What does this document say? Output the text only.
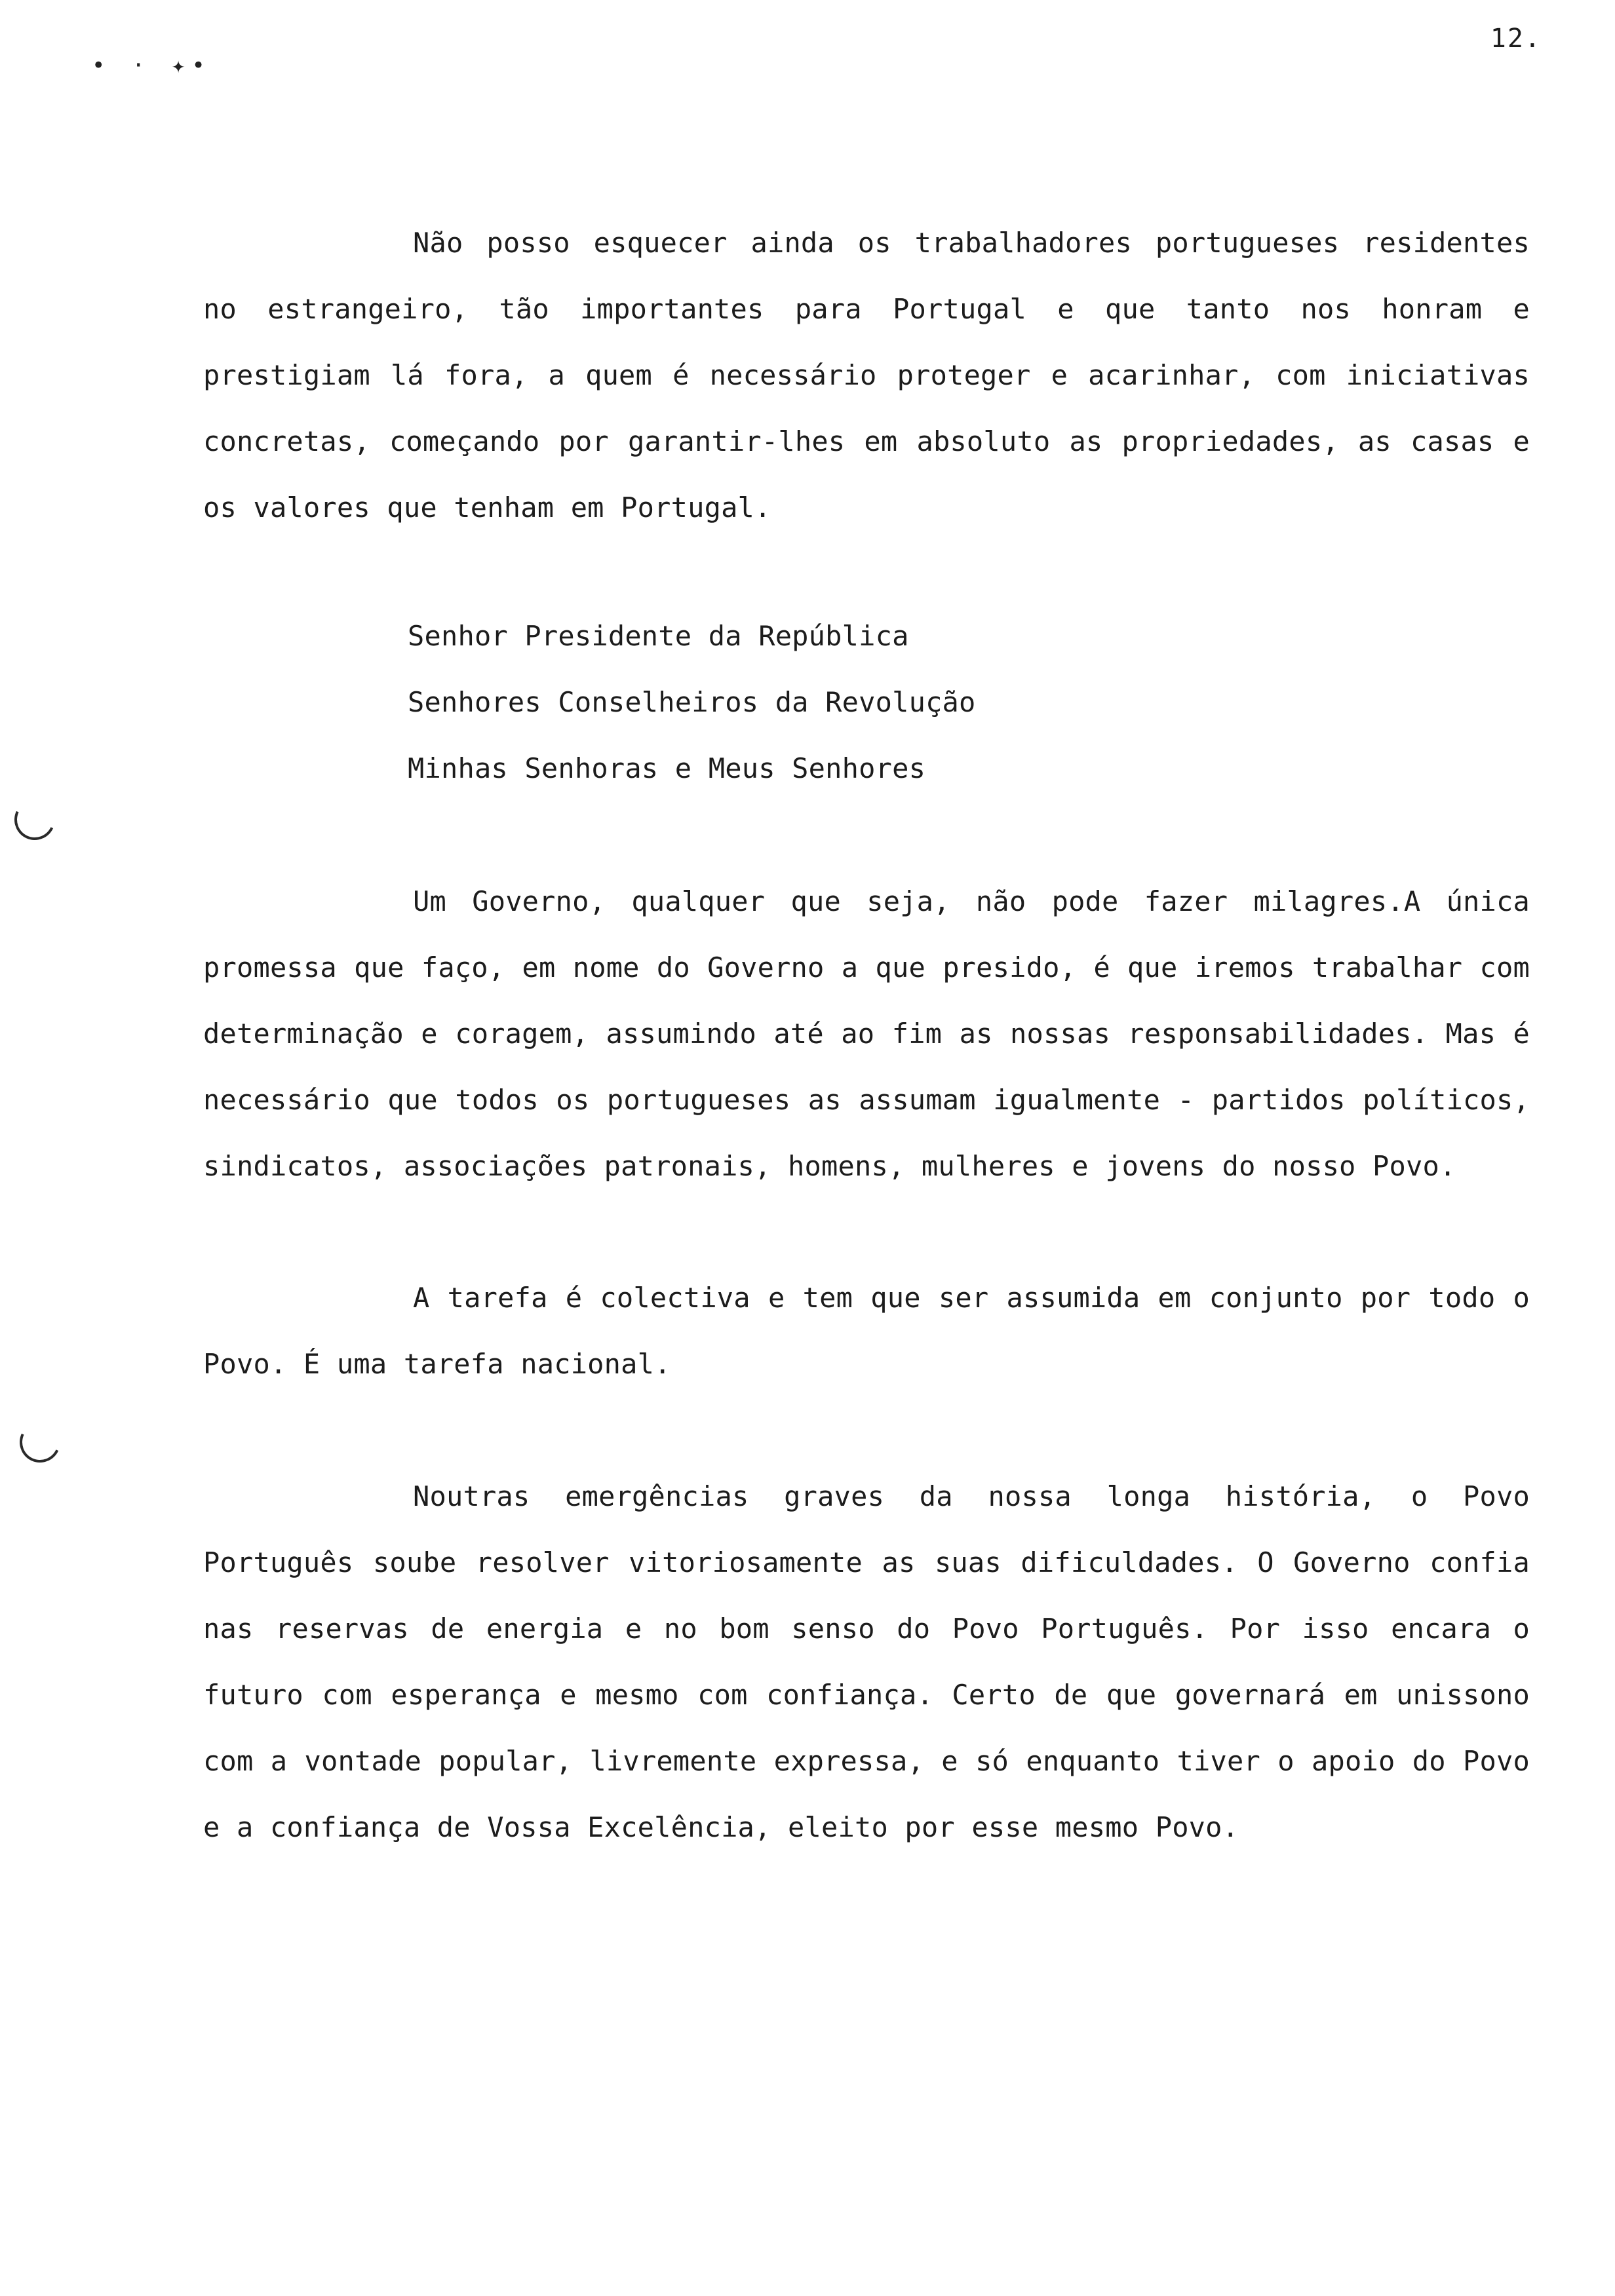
12.
• · ✦•

Não posso esquecer ainda os trabalhadores portugueses residentes no estrangeiro, tão importantes para Portugal e que tanto nos honram e prestigiam lá fora, a quem é necessário proteger e acarinhar, com iniciativas concretas, começando por garantir-lhes em absoluto as propriedades, as casas e os valores que tenham em Portugal.

Senhor Presidente da República
Senhores Conselheiros da Revolução
Minhas Senhoras e Meus Senhores

Um Governo, qualquer que seja, não pode fazer milagres.A única promessa que faço, em nome do Governo a que presido, é que iremos trabalhar com determinação e coragem, assumindo até ao fim as nossas responsabilidades. Mas é necessário que todos os portugueses as assumam igualmente - partidos políticos, sindicatos, associações patronais, homens, mulheres e jovens do nosso Povo.

A tarefa é colectiva e tem que ser assumida em conjunto por todo o Povo. É uma tarefa nacional.

Noutras emergências graves da nossa longa história, o Povo Português soube resolver vitoriosamente as suas dificuldades. O Governo confia nas reservas de energia e no bom senso do Povo Português. Por isso encara o futuro com esperança e mesmo com confiança. Certo de que governará em unissono com a vontade popular, livremente expressa, e só enquanto tiver o apoio do Povo e a confiança de Vossa Excelência, eleito por esse mesmo Povo.
